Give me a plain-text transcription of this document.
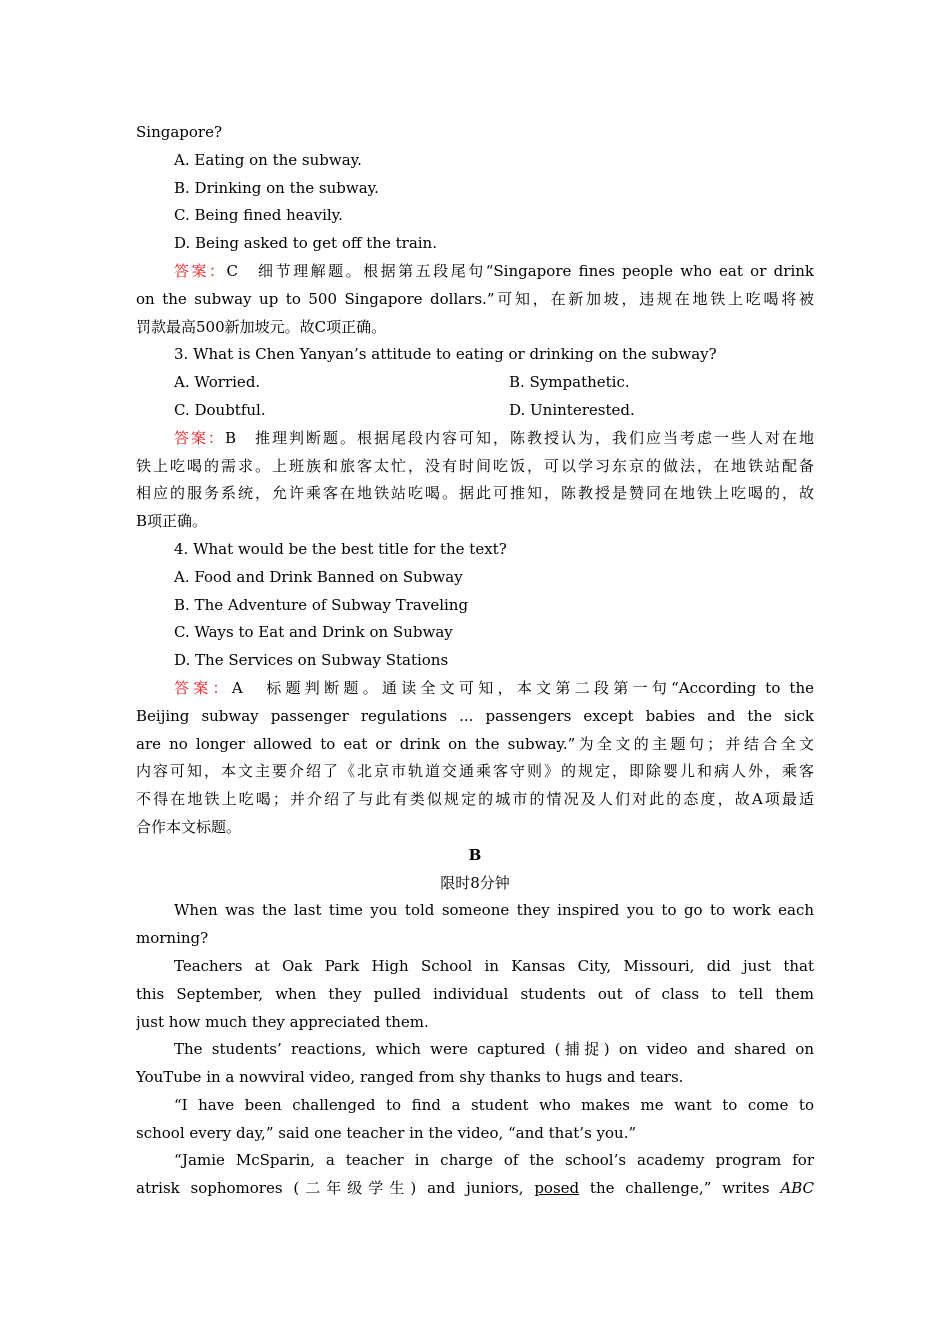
Singapore?
A. Eating on the subway.
B. Drinking on the subway.
C. Being fined heavily.
D. Being asked to get off the train.
答案：C　细节理解题。根据第五段尾句“Singapore fines people who eat or drink
on the subway up to 500 Singapore dollars.”可知，在新加坡，违规在地铁上吃喝将被
罚款最高500新加坡元。故C项正确。
3. What is Chen Yanyan’s attitude to eating or drinking on the subway?
A. Worried.	B. Sympathetic.
C. Doubtful.	D. Uninterested.
答案：B　推理判断题。根据尾段内容可知，陈教授认为，我们应当考虑一些人对在地
铁上吃喝的需求。上班族和旅客太忙，没有时间吃饭，可以学习东京的做法，在地铁站配备
相应的服务系统，允许乘客在地铁站吃喝。据此可推知，陈教授是赞同在地铁上吃喝的，故
B项正确。
4. What would be the best title for the text?
A. Food and Drink Banned on Subway
B. The Adventure of Subway Traveling
C. Ways to Eat and Drink on Subway
D. The Services on Subway Stations
答案：A　标题判断题。通读全文可知，本文第二段第一句“According to the
Beijing subway passenger regulations ... passengers except babies and the sick
are no longer allowed to eat or drink on the subway.”为全文的主题句；并结合全文
内容可知，本文主要介绍了《北京市轨道交通乘客守则》的规定，即除婴儿和病人外，乘客
不得在地铁上吃喝；并介绍了与此有类似规定的城市的情况及人们对此的态度，故A项最适
合作本文标题。
B
限时8分钟
When was the last time you told someone they inspired you to go to work each
morning?
Teachers at Oak Park High School in Kansas City, Missouri, did just that
this September, when they pulled individual students out of class to tell them
just how much they appreciated them.
The students’ reactions, which were captured (捕捉) on video and shared on
YouTube in a nowviral video, ranged from shy thanks to hugs and tears.
“I have been challenged to find a student who makes me want to come to
school every day,” said one teacher in the video, “and that’s you.”
“Jamie McSparin, a teacher in charge of the school’s academy program for
atrisk sophomores (二年级学生) and juniors, posed the challenge,” writes ABC
